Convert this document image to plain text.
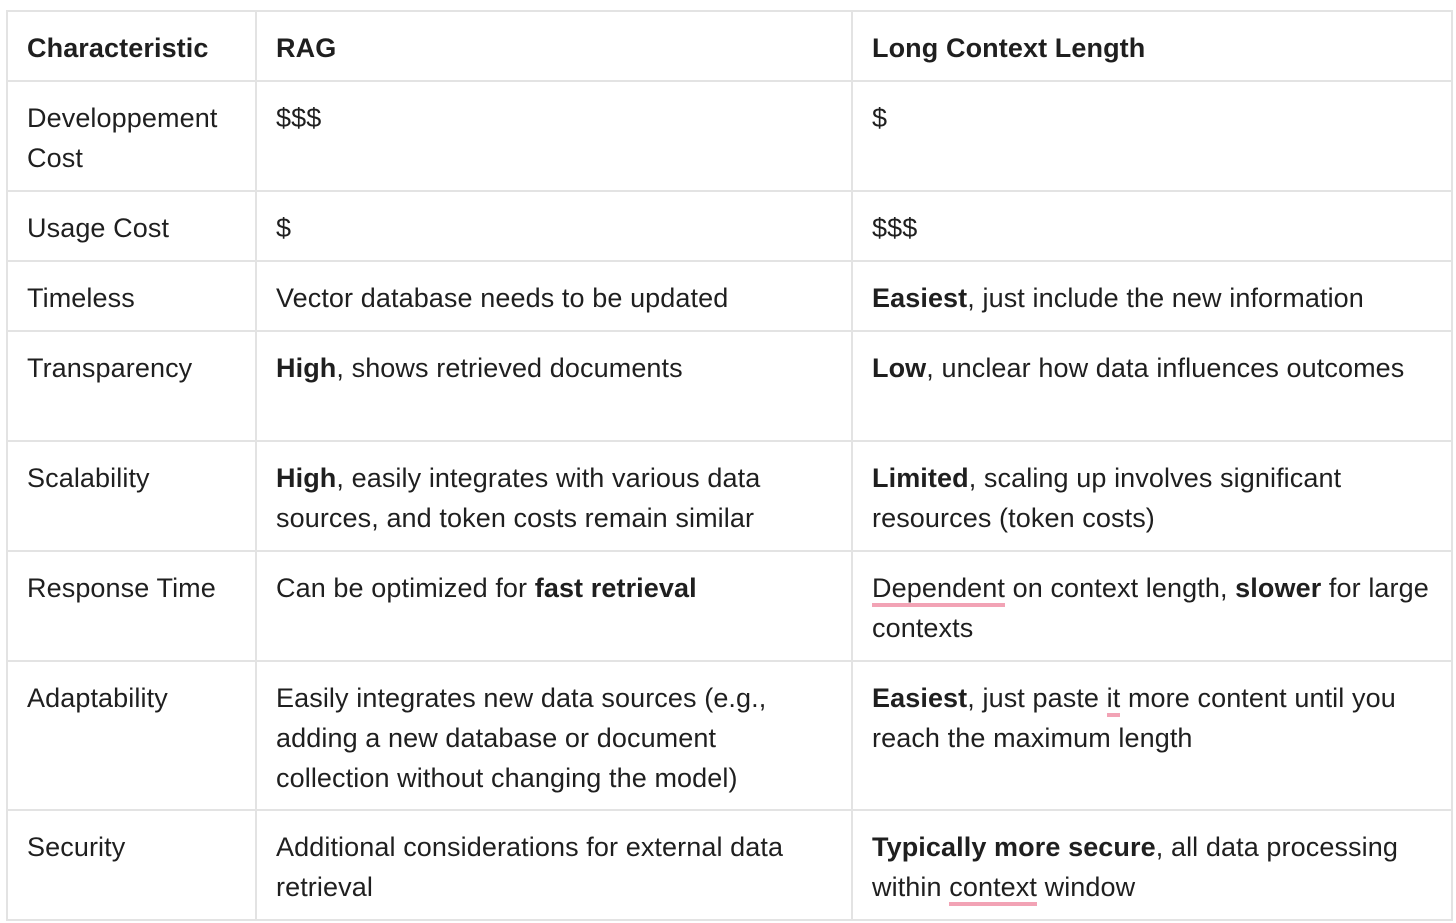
Characteristic	RAG	Long Context Length
Developpement Cost	$$$	$
Usage Cost	$	$$$
Timeless	Vector database needs to be updated	Easiest, just include the new information
Transparency	High, shows retrieved documents	Low, unclear how data influences outcomes
Scalability	High, easily integrates with various data sources, and token costs remain similar	Limited, scaling up involves significant resources (token costs)
Response Time	Can be optimized for fast retrieval	Dependent on context length, slower for large contexts
Adaptability	Easily integrates new data sources (e.g., adding a new database or document collection without changing the model)	Easiest, just paste it more content until you reach the maximum length
Security	Additional considerations for external data retrieval	Typically more secure, all data processing within context window
